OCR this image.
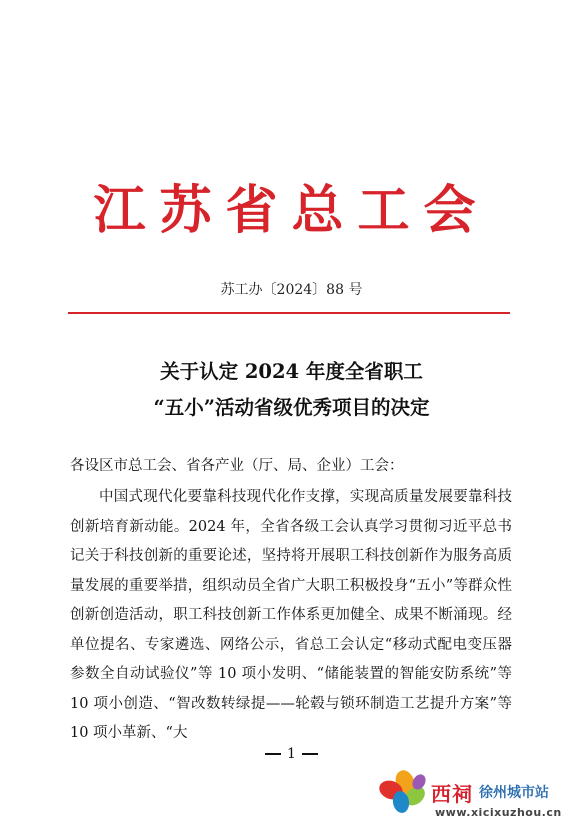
江苏省总工会
苏工办〔2024〕88 号
关于认定 2024 年度全省职工
“五小”活动省级优秀项目的决定
各设区市总工会、省各产业（厅、局、企业）工会：

中国式现代化要靠科技现代化作支撑，实现高质量发展要靠科技创新培育新动能。2024 年，全省各级工会认真学习贯彻习近平总书记关于科技创新的重要论述，坚持将开展职工科技创新作为服务高质量发展的重要举措，组织动员全省广大职工积极投身“五小”等群众性创新创造活动，职工科技创新工作体系更加健全、成果不断涌现。经单位提名、专家遴选、网络公示，省总工会认定“移动式配电变压器参数全自动试验仪”等 10 项小发明、“储能装置的智能安防系统”等 10 项小创造、“智改数转绿提——轮毂与锁环制造工艺提升方案”等 10 项小革新、“大

1
西祠 徐州城市站
www.xicixuzhou.cn
